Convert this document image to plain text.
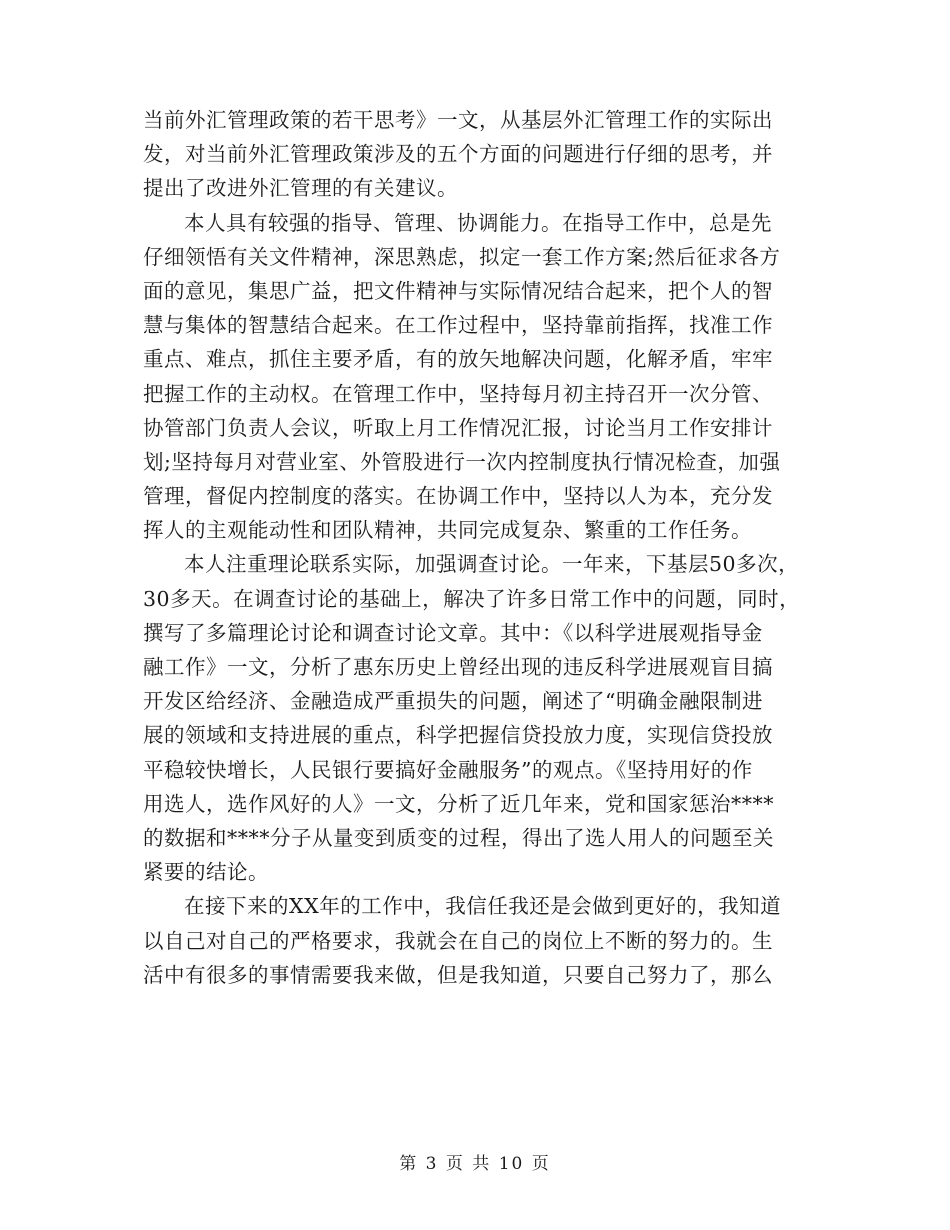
当前外汇管理政策的若干思考》一文，从基层外汇管理工作的实际出
发，对当前外汇管理政策涉及的五个方面的问题进行仔细的思考，并
提出了改进外汇管理的有关建议。
本人具有较强的指导、管理、协调能力。在指导工作中，总是先
仔细领悟有关文件精神，深思熟虑，拟定一套工作方案;然后征求各方
面的意见，集思广益，把文件精神与实际情况结合起来，把个人的智
慧与集体的智慧结合起来。在工作过程中，坚持靠前指挥，找准工作
重点、难点，抓住主要矛盾，有的放矢地解决问题，化解矛盾，牢牢
把握工作的主动权。在管理工作中，坚持每月初主持召开一次分管、
协管部门负责人会议，听取上月工作情况汇报，讨论当月工作安排计
划;坚持每月对营业室、外管股进行一次内控制度执行情况检查，加强
管理，督促内控制度的落实。在协调工作中，坚持以人为本，充分发
挥人的主观能动性和团队精神，共同完成复杂、繁重的工作任务。
本人注重理论联系实际，加强调查讨论。一年来，下基层50多次，
30多天。在调查讨论的基础上，解决了许多日常工作中的问题，同时，
撰写了多篇理论讨论和调查讨论文章。其中：《以科学进展观指导金
融工作》一文，分析了惠东历史上曾经出现的违反科学进展观盲目搞
开发区给经济、金融造成严重损失的问题，阐述了“明确金融限制进
展的领域和支持进展的重点，科学把握信贷投放力度，实现信贷投放
平稳较快增长，人民银行要搞好金融服务”的观点。《坚持用好的作
用选人，选作风好的人》一文，分析了近几年来，党和国家惩治****
的数据和****分子从量变到质变的过程，得出了选人用人的问题至关
紧要的结论。
在接下来的XX年的工作中，我信任我还是会做到更好的，我知道
以自己对自己的严格要求，我就会在自己的岗位上不断的努力的。生
活中有很多的事情需要我来做，但是我知道，只要自己努力了，那么
第 3 页 共 10 页
